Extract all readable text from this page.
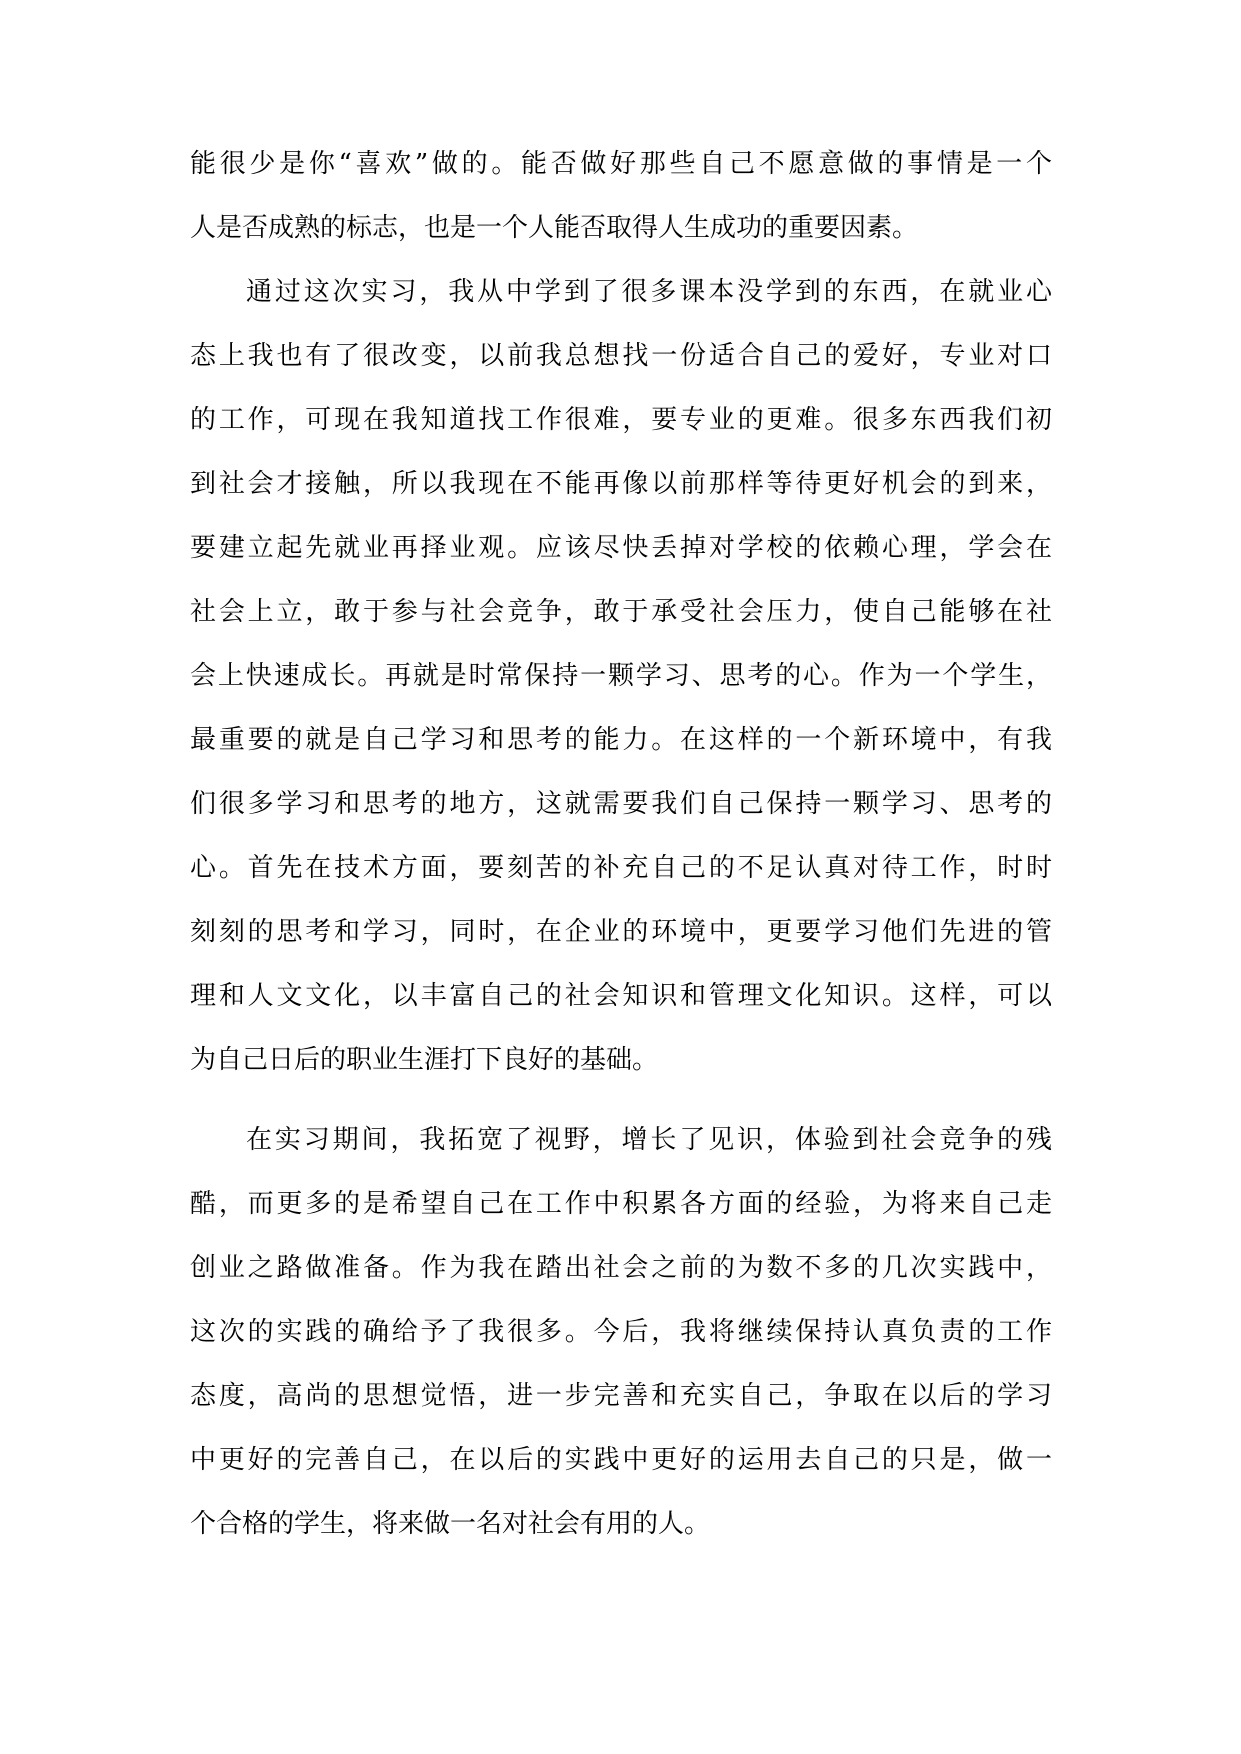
能很少是你“喜欢”做的。能否做好那些自己不愿意做的事情是一个
人是否成熟的标志，也是一个人能否取得人生成功的重要因素。
通过这次实习，我从中学到了很多课本没学到的东西，在就业心
态上我也有了很改变，以前我总想找一份适合自己的爱好，专业对口
的工作，可现在我知道找工作很难，要专业的更难。很多东西我们初
到社会才接触，所以我现在不能再像以前那样等待更好机会的到来，
要建立起先就业再择业观。应该尽快丢掉对学校的依赖心理，学会在
社会上立，敢于参与社会竞争，敢于承受社会压力，使自己能够在社
会上快速成长。再就是时常保持一颗学习、思考的心。作为一个学生，
最重要的就是自己学习和思考的能力。在这样的一个新环境中，有我
们很多学习和思考的地方，这就需要我们自己保持一颗学习、思考的
心。首先在技术方面，要刻苦的补充自己的不足认真对待工作，时时
刻刻的思考和学习，同时，在企业的环境中，更要学习他们先进的管
理和人文文化，以丰富自己的社会知识和管理文化知识。这样，可以
为自己日后的职业生涯打下良好的基础。
在实习期间，我拓宽了视野，增长了见识，体验到社会竞争的残
酷，而更多的是希望自己在工作中积累各方面的经验，为将来自己走
创业之路做准备。作为我在踏出社会之前的为数不多的几次实践中，
这次的实践的确给予了我很多。今后，我将继续保持认真负责的工作
态度，高尚的思想觉悟，进一步完善和充实自己，争取在以后的学习
中更好的完善自己，在以后的实践中更好的运用去自己的只是，做一
个合格的学生，将来做一名对社会有用的人。
